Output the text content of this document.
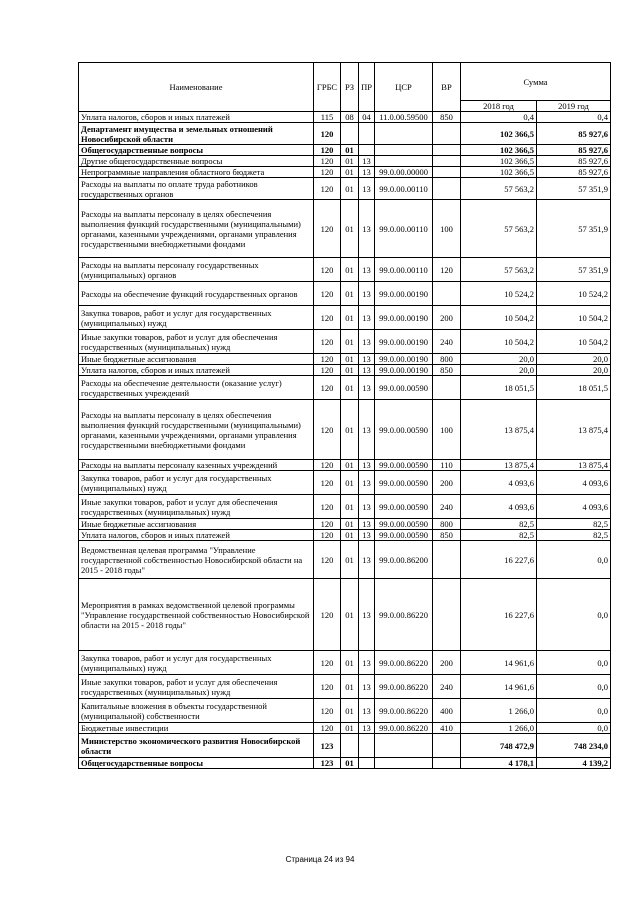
Наименование	ГРБС	РЗ	ПР	ЦСР	ВР	Сумма	
						2018 год	2019 год
Уплата налогов, сборов и иных платежей	115	08	04	11.0.00.59500	850	0,4	0,4
Департамент имущества и земельных отношений Новосибирской области	120					102 366,5	85 927,6
Общегосударственные вопросы	120	01				102 366,5	85 927,6
Другие общегосударственные вопросы	120	01	13			102 366,5	85 927,6
Непрограммные направления областного бюджета	120	01	13	99.0.00.00000		102 366,5	85 927,6
Расходы на выплаты по оплате труда работников государственных органов	120	01	13	99.0.00.00110		57 563,2	57 351,9
Расходы на выплаты персоналу в целях обеспечения выполнения функций государственными (муниципальными) органами, казенными учреждениями, органами управления государственными внебюджетными фондами	120	01	13	99.0.00.00110	100	57 563,2	57 351,9
Расходы на выплаты персоналу государственных (муниципальных) органов	120	01	13	99.0.00.00110	120	57 563,2	57 351,9
Расходы на обеспечение функций государственных органов	120	01	13	99.0.00.00190		10 524,2	10 524,2
Закупка товаров, работ и услуг для государственных (муниципальных) нужд	120	01	13	99.0.00.00190	200	10 504,2	10 504,2
Иные закупки товаров, работ и услуг для обеспечения государственных (муниципальных) нужд	120	01	13	99.0.00.00190	240	10 504,2	10 504,2
Иные бюджетные ассигнования	120	01	13	99.0.00.00190	800	20,0	20,0
Уплата налогов, сборов и иных платежей	120	01	13	99.0.00.00190	850	20,0	20,0
Расходы на обеспечение деятельности (оказание услуг) государственных учреждений	120	01	13	99.0.00.00590		18 051,5	18 051,5
Расходы на выплаты персоналу в целях обеспечения выполнения функций государственными (муниципальными) органами, казенными учреждениями, органами управления государственными внебюджетными фондами	120	01	13	99.0.00.00590	100	13 875,4	13 875,4
Расходы на выплаты персоналу казенных учреждений	120	01	13	99.0.00.00590	110	13 875,4	13 875,4
Закупка товаров, работ и услуг для государственных (муниципальных) нужд	120	01	13	99.0.00.00590	200	4 093,6	4 093,6
Иные закупки товаров, работ и услуг для обеспечения государственных (муниципальных) нужд	120	01	13	99.0.00.00590	240	4 093,6	4 093,6
Иные бюджетные ассигнования	120	01	13	99.0.00.00590	800	82,5	82,5
Уплата налогов, сборов и иных платежей	120	01	13	99.0.00.00590	850	82,5	82,5
Ведомственная целевая программа "Управление государственной собственностью Новосибирской области на 2015 - 2018 годы"	120	01	13	99.0.00.86200		16 227,6	0,0
Мероприятия в рамках ведомственной целевой программы "Управление государственной собственностью Новосибирской области на 2015 - 2018 годы"	120	01	13	99.0.00.86220		16 227,6	0,0
Закупка товаров, работ и услуг для государственных (муниципальных) нужд	120	01	13	99.0.00.86220	200	14 961,6	0,0
Иные закупки товаров, работ и услуг для обеспечения государственных (муниципальных) нужд	120	01	13	99.0.00.86220	240	14 961,6	0,0
Капитальные вложения в объекты государственной (муниципальной) собственности	120	01	13	99.0.00.86220	400	1 266,0	0,0
Бюджетные инвестиции	120	01	13	99.0.00.86220	410	1 266,0	0,0
Министерство экономического развития Новосибирской области	123					748 472,9	748 234,0
Общегосударственные вопросы	123	01				4 178,1	4 139,2
Страница 24 из 94
